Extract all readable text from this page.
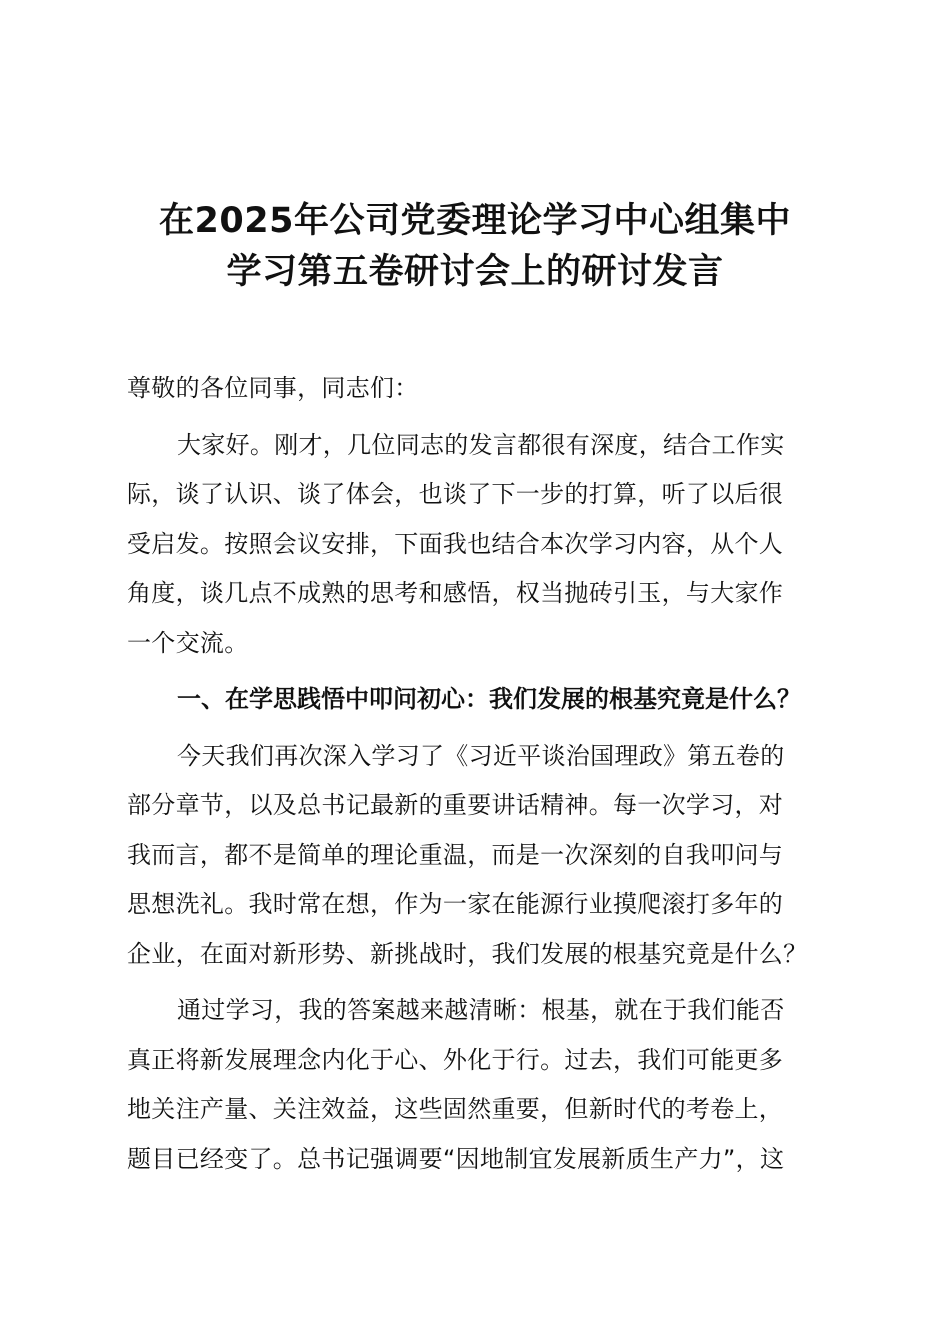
在2025年公司党委理论学习中心组集中
学习第五卷研讨会上的研讨发言

尊敬的各位同事，同志们：

大家好。刚才，几位同志的发言都很有深度，结合工作实
际，谈了认识、谈了体会，也谈了下一步的打算，听了以后很
受启发。按照会议安排，下面我也结合本次学习内容，从个人
角度，谈几点不成熟的思考和感悟，权当抛砖引玉，与大家作
一个交流。

一、在学思践悟中叩问初心：我们发展的根基究竟是什么？

今天我们再次深入学习了《习近平谈治国理政》第五卷的
部分章节，以及总书记最新的重要讲话精神。每一次学习，对
我而言，都不是简单的理论重温，而是一次深刻的自我叩问与
思想洗礼。我时常在想，作为一家在能源行业摸爬滚打多年的
企业，在面对新形势、新挑战时，我们发展的根基究竟是什么？

通过学习，我的答案越来越清晰：根基，就在于我们能否
真正将新发展理念内化于心、外化于行。过去，我们可能更多
地关注产量、关注效益，这些固然重要，但新时代的考卷上，
题目已经变了。总书记强调要“因地制宜发展新质生产力”，这
